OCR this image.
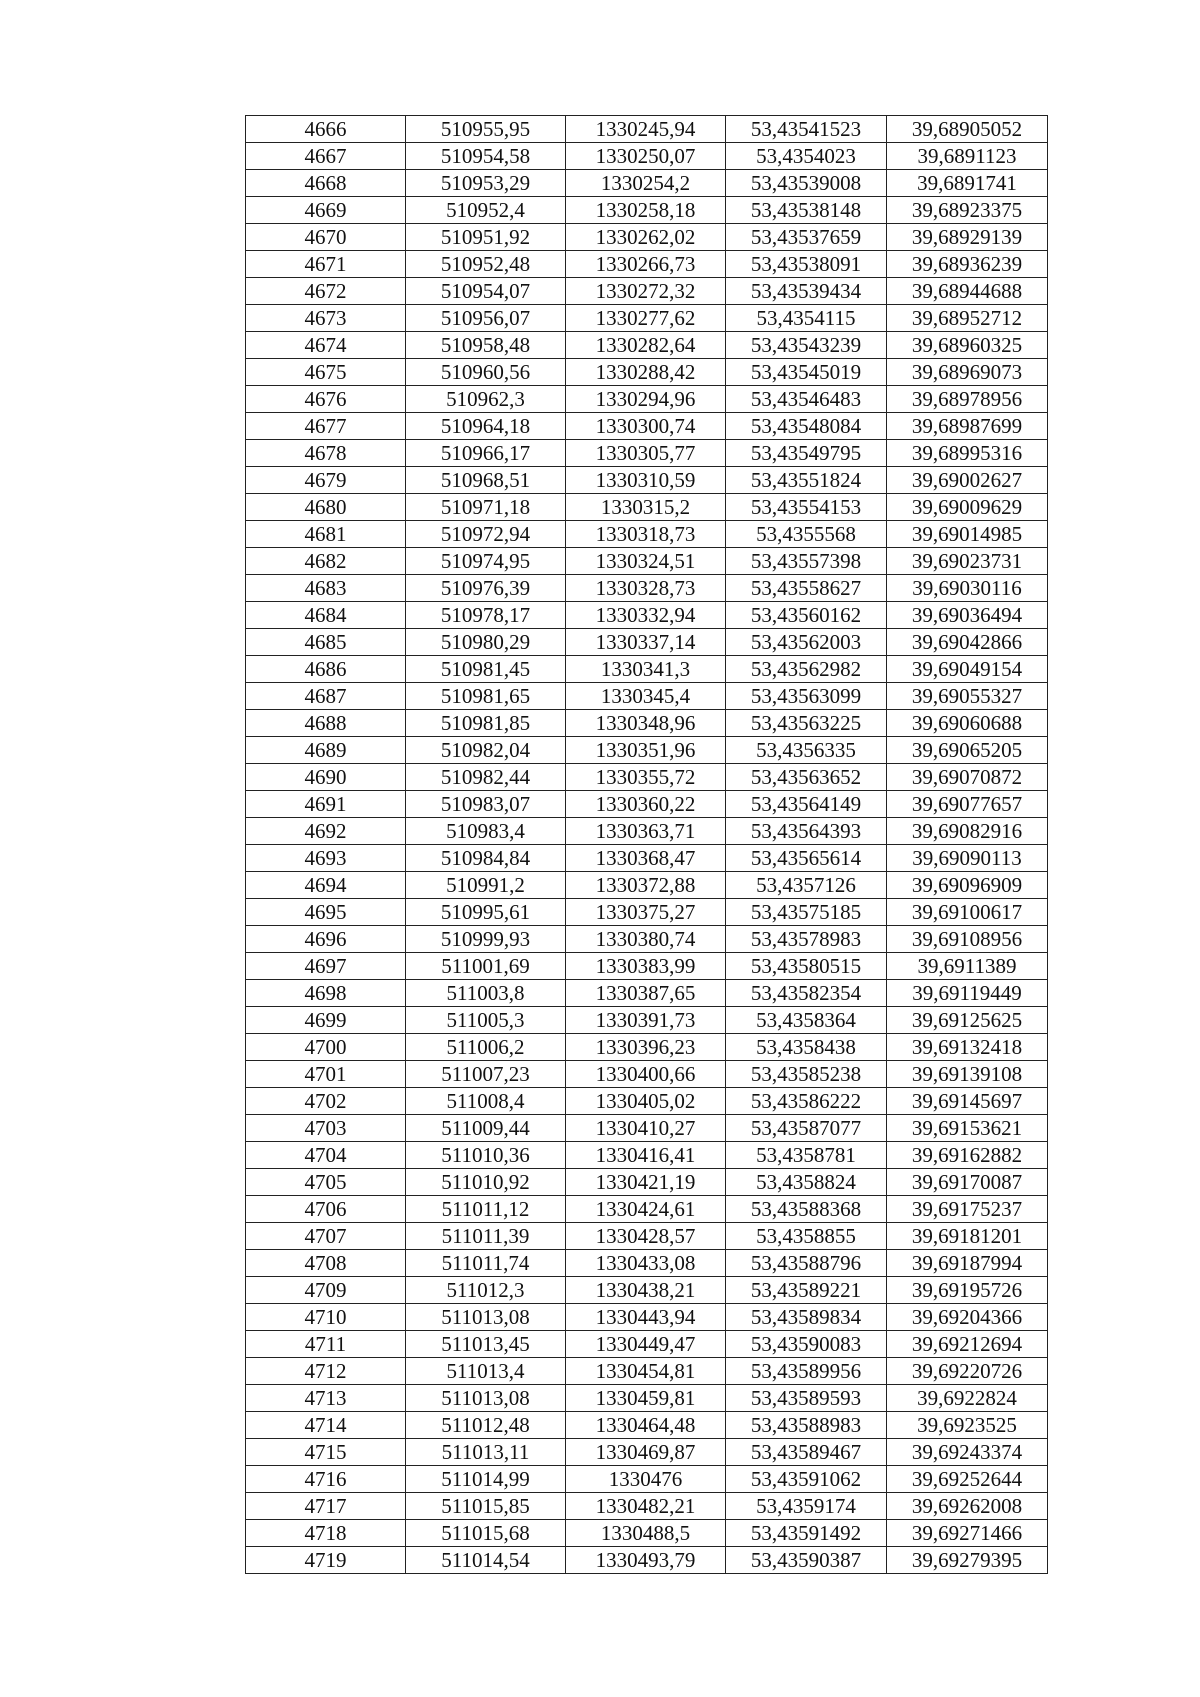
4666	510955,95	1330245,94	53,43541523	39,68905052
4667	510954,58	1330250,07	53,4354023	39,6891123
4668	510953,29	1330254,2	53,43539008	39,6891741
4669	510952,4	1330258,18	53,43538148	39,68923375
4670	510951,92	1330262,02	53,43537659	39,68929139
4671	510952,48	1330266,73	53,43538091	39,68936239
4672	510954,07	1330272,32	53,43539434	39,68944688
4673	510956,07	1330277,62	53,4354115	39,68952712
4674	510958,48	1330282,64	53,43543239	39,68960325
4675	510960,56	1330288,42	53,43545019	39,68969073
4676	510962,3	1330294,96	53,43546483	39,68978956
4677	510964,18	1330300,74	53,43548084	39,68987699
4678	510966,17	1330305,77	53,43549795	39,68995316
4679	510968,51	1330310,59	53,43551824	39,69002627
4680	510971,18	1330315,2	53,43554153	39,69009629
4681	510972,94	1330318,73	53,4355568	39,69014985
4682	510974,95	1330324,51	53,43557398	39,69023731
4683	510976,39	1330328,73	53,43558627	39,69030116
4684	510978,17	1330332,94	53,43560162	39,69036494
4685	510980,29	1330337,14	53,43562003	39,69042866
4686	510981,45	1330341,3	53,43562982	39,69049154
4687	510981,65	1330345,4	53,43563099	39,69055327
4688	510981,85	1330348,96	53,43563225	39,69060688
4689	510982,04	1330351,96	53,4356335	39,69065205
4690	510982,44	1330355,72	53,43563652	39,69070872
4691	510983,07	1330360,22	53,43564149	39,69077657
4692	510983,4	1330363,71	53,43564393	39,69082916
4693	510984,84	1330368,47	53,43565614	39,69090113
4694	510991,2	1330372,88	53,4357126	39,69096909
4695	510995,61	1330375,27	53,43575185	39,69100617
4696	510999,93	1330380,74	53,43578983	39,69108956
4697	511001,69	1330383,99	53,43580515	39,6911389
4698	511003,8	1330387,65	53,43582354	39,69119449
4699	511005,3	1330391,73	53,4358364	39,69125625
4700	511006,2	1330396,23	53,4358438	39,69132418
4701	511007,23	1330400,66	53,43585238	39,69139108
4702	511008,4	1330405,02	53,43586222	39,69145697
4703	511009,44	1330410,27	53,43587077	39,69153621
4704	511010,36	1330416,41	53,4358781	39,69162882
4705	511010,92	1330421,19	53,4358824	39,69170087
4706	511011,12	1330424,61	53,43588368	39,69175237
4707	511011,39	1330428,57	53,4358855	39,69181201
4708	511011,74	1330433,08	53,43588796	39,69187994
4709	511012,3	1330438,21	53,43589221	39,69195726
4710	511013,08	1330443,94	53,43589834	39,69204366
4711	511013,45	1330449,47	53,43590083	39,69212694
4712	511013,4	1330454,81	53,43589956	39,69220726
4713	511013,08	1330459,81	53,43589593	39,6922824
4714	511012,48	1330464,48	53,43588983	39,6923525
4715	511013,11	1330469,87	53,43589467	39,69243374
4716	511014,99	1330476	53,43591062	39,69252644
4717	511015,85	1330482,21	53,4359174	39,69262008
4718	511015,68	1330488,5	53,43591492	39,69271466
4719	511014,54	1330493,79	53,43590387	39,69279395
